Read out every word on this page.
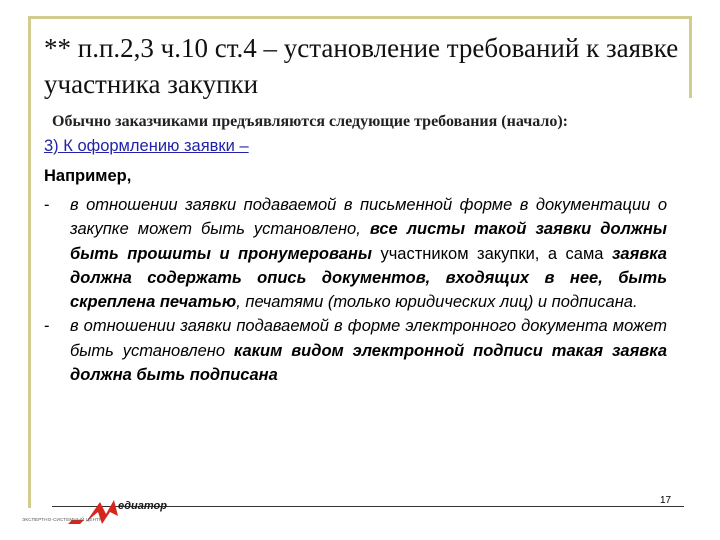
** п.п.2,3 ч.10 ст.4 – установление требований к заявке участника закупки
Обычно заказчиками предъявляются следующие требования (начало):
3) К оформлению заявки –
Например,
- в отношении заявки подаваемой в письменной форме в документации о закупке может быть установлено, все листы такой заявки должны быть прошиты и пронумерованы участником закупки, а сама заявка должна содержать опись документов, входящих в нее, быть скреплена печатью, печатями (только юридических лиц) и подписана.
- в отношении заявки подаваемой в форме электронного документа может быть установлено каким видом электронной подписи такая заявка должна быть подписана
17
едиатор
ЭКСПЕРТНО-СИСТЕМНЫЙ ЦЕНТР
